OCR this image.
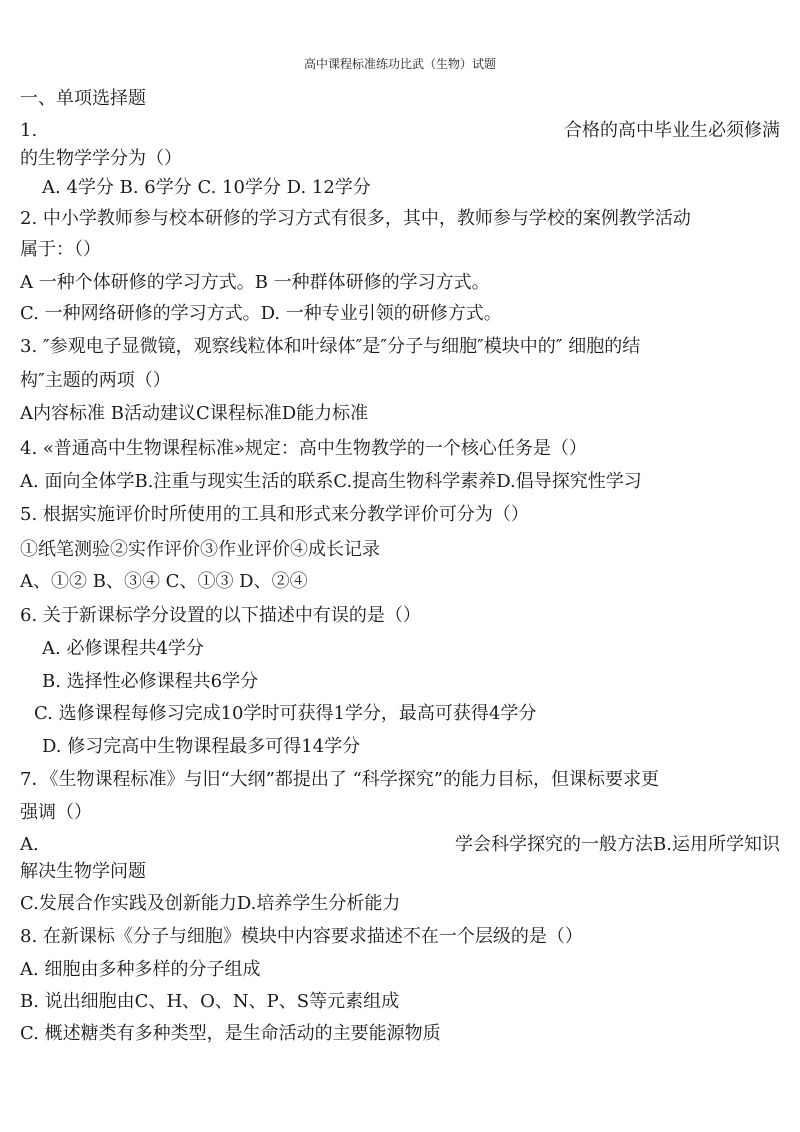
高中课程标准练功比武（生物）试题
一、单项选择题
1.	合格的高中毕业生必须修满
的生物学学分为（）
A. 4学分 B. 6学分 C. 10学分 D. 12学分
2. 中小学教师参与校本研修的学习方式有很多，其中，教师参与学校的案例教学活动
属于：（）
A 一种个体研修的学习方式。B 一种群体研修的学习方式。
C. 一种网络研修的学习方式。D. 一种专业引领的研修方式。
3. ″参观电子显微镜，观察线粒体和叶绿体″是″分子与细胞″模块中的″ 细胞的结
构″主题的两项（）
A内容标准 B活动建议C课程标准D能力标准
4. «普通高中生物课程标准»规定：高中生物教学的一个核心任务是（）
A. 面向全体学B.注重与现实生活的联系C.提高生物科学素养D.倡导探究性学习
5. 根据实施评价时所使用的工具和形式来分教学评价可分为（）
①纸笔测验②实作评价③作业评价④成长记录
A、①② B、③④ C、①③ D、②④
6. 关于新课标学分设置的以下描述中有误的是（）
A. 必修课程共4学分
B. 选择性必修课程共6学分
C. 选修课程每修习完成10学时可获得1学分，最高可获得4学分
D. 修习完高中生物课程最多可得14学分
7．《生物课程标准》与旧“大纲”都提出了 “科学探究”的能力目标，但课标要求更
强调（）
A.	学会科学探究的一般方法B.运用所学知识
解决生物学问题
C.发展合作实践及创新能力D.培养学生分析能力
8. 在新课标《分子与细胞》模块中内容要求描述不在一个层级的是（）
A. 细胞由多种多样的分子组成
B. 说出细胞由C、H、O、N、P、S等元素组成
C. 概述糖类有多种类型，是生命活动的主要能源物质
